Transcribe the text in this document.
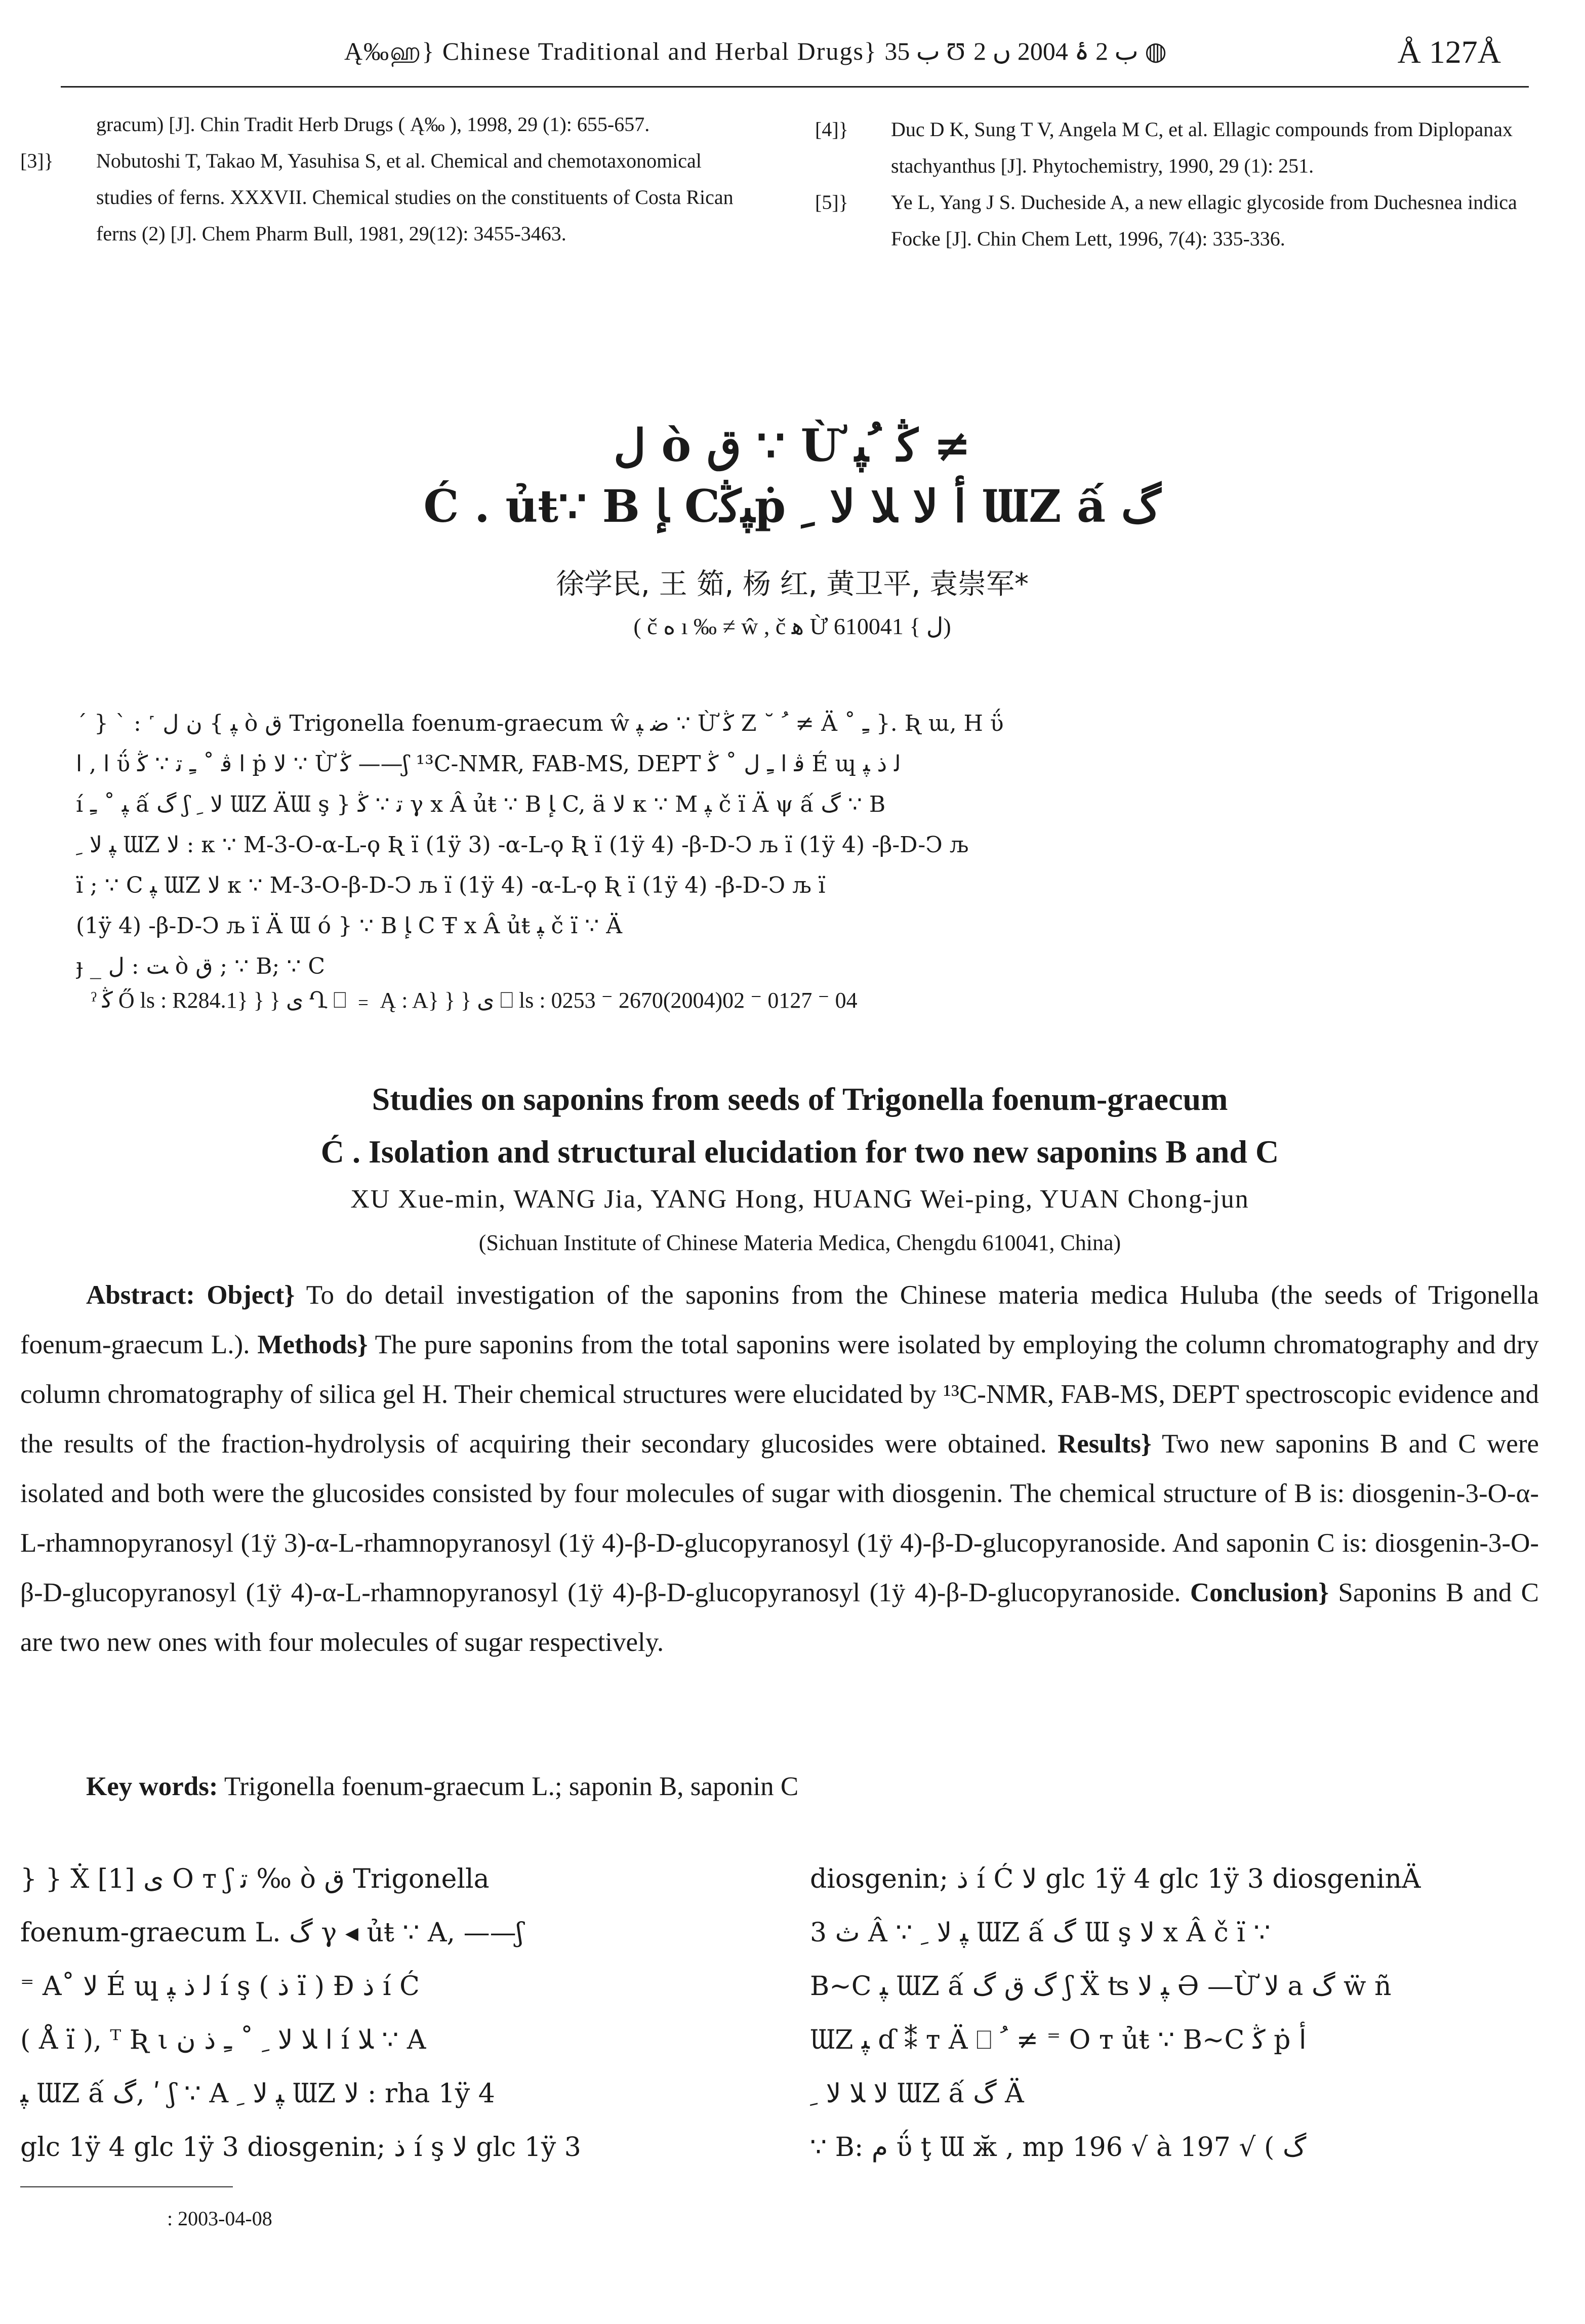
Ą‰ஹ} Chinese Traditional and Herbal Drugs} ب 35 Ʊ ب 2 ۂ 2004 ں 2 ◍	Å 127Å
gracum) [J]. Chin Tradit Herb Drugs ( Ą‰ ), 1998, 29 (1): 655-657.
[3]} Nobutoshi T, Takao M, Yasuhisa S, et al. Chemical and chemotaxonomical studies of ferns. XXXVII. Chemical studies on the constituents of Costa Rican ferns (2) [J]. Chem Pharm Bull, 1981, 29(12): 3455-3463.
[4]} Duc D K, Sung T V, Angela M C, et al. Ellagic compounds from Diplopanax stachyanthus [J]. Phytochemistry, 1990, 29 (1): 251.
[5]} Ye L, Yang J S. Ducheside A, a new ellagic glycoside from Duchesnea indica Focke [J]. Chin Chem Lett, 1996, 7(4): 335-336.
ﻝ ὸ ﻕ ∵ Ừ ﯕ ﹸﭙ ≠
Ć . ủŧ∵ B ﺈ Cﭙﯕṗ ﺃ ﻻ ﻼ ﻻ ﹺ ƜZ ấ ﮒ
徐学民, 王 筎, 杨 红, 黄卫平, 袁崇军*
( č ﻩ ı ‰ ≠ ŵ , č ﻫ Ừ ﻝ } 610041)
ˊ } ˋ : ˹ ﭙ } ﻥ ﻝ ὸ ﻕ Trigonella foenum-graecum ŵ ﺿ ﭙ ∵ Ừ ﯕ Ζ ˘ ﹸ ≠ Ä ˚ ﹻ }. Ʀ ɯ, H ΰ
ﺍ , ﺍ ΰ ﺍ ﭬ ˚ ﹻ ﺗ ∵ ﯕ ṗ ﻻ ∵ Ừ ﯕ ——ʃ ¹³C-NMR, FAB-MS, DEPT ﭬ ﺍ ﹻ ﻝ ˚ ﯕ É ɰ ﻟ ﺫ ﭙ
í ﭙ ˚ ﹻ ấ ﮒ ʃ ﻻ ﹺ ƜZ ÄƜ ş } ﺗ ∵ ﯕ γ x Â ủŧ ∵ B ﺈ C, ä ﻻ κ ∵ M ﭙ č ï Ä ψ ấ ﮒ ∵ B
ﭙ ﻻ ﹺ ƜZ ﻻ : κ ∵ M-3-O-α-L-ϙ Ʀ ï (1ÿ 3) -α-L-ϙ Ʀ ï (1ÿ 4) -β-D-Ͻ љ ï (1ÿ 4) -β-D-Ͻ љ
ï ; ∵ C ﭙ ƜZ ﻻ κ ∵ M-3-O-β-D-Ͻ љ ï (1ÿ 4) -α-L-ϙ Ʀ ï (1ÿ 4) -β-D-Ͻ љ ï
(1ÿ 4) -β-D-Ͻ љ ï Ä Ɯ ó } ∵ B ﺈ C Ŧ x Â ủŧ ﭙ č ï ∵ Ä
ɟ _ ﺖ : ﻝ ὸ ﻕ ; ∵ B; ∵ C
ˀ ﯕ Ő ls : R284.1} } } ﻯ Ղ ⎕ ﹦ Ą : A} } } ﻯ ⎕ ls : 0253 ⁻ 2670(2004)02 ⁻ 0127 ⁻ 04
Studies on saponins from seeds of Trigonella foenum-graecum
Ć . Isolation and structural elucidation for two new saponins B and C
XU Xue-min, WANG Jia, YANG Hong, HUANG Wei-ping, YUAN Chong-jun
(Sichuan Institute of Chinese Materia Medica, Chengdu 610041, China)

Abstract: Object} To do detail investigation of the saponins from the Chinese materia medica Huluba (the seeds of Trigonella foenum-graecum L.). Methods} The pure saponins from the total saponins were isolated by employing the column chromatography and dry column chromatography of silica gel H. Their chemical structures were elucidated by ¹³C-NMR, FAB-MS, DEPT spectroscopic evidence and the results of the fraction-hydrolysis of acquiring their secondary glucosides were obtained. Results} Two new saponins B and C were isolated and both were the glucosides consisted by four molecules of sugar with diosgenin. The chemical structure of B is: diosgenin-3-O-α-L-rhamnopyranosyl (1ÿ 3)-α-L-rhamnopyranosyl (1ÿ 4)-β-D-glucopyranosyl (1ÿ 4)-β-D-glucopyranoside. And saponin C is: diosgenin-3-O-β-D-glucopyranosyl (1ÿ 4)-α-L-rhamnopyranosyl (1ÿ 4)-β-D-glucopyranosyl (1ÿ 4)-β-D-glucopyranoside. Conclusion} Saponins B and C are two new ones with four molecules of sugar respectively.

Key words: Trigonella foenum-graecum L.; saponin B, saponin C
} } Ẋ ﻯ [1] O т ʃ ﺗ ‰ ὸ ﻕ Trigonella
foenum-graecum L. ﮒ γ ◂ ủŧ ∵ A, ——ʃ
⁼ A˚ ﻻ É ɰ ﻟ ﺫ ﭙ í ş ( ﺫ ï ) Ɖ ﺫ í Ć
( Å ï ), ᵀ Ʀ ι ﺍ ﻼ ﻻ ﹺ ˚ ﹻ ﺫ ﻥ í ﻼ ∵ A
ﭙ ƜZ ấ ﮒ, ʹ ʃ ∵ A ﭙ ﻻ ﹺ ƜZ ﻻ : rha 1ÿ 4
glc 1ÿ 4 glc 1ÿ 3 diosgenin; ﺫ í ş ﻻ glc 1ÿ 3
diosgenin; ﺫ í Ć ﻻ glc 1ÿ 4 glc 1ÿ 3 diosgeninÄ
ﺙ 3 Â ∵ ﭙ ﻻ ﹺ ƜZ ấ ﮒ Ɯ ş ﻻ x Â č ï ∵
B~C ﭙ ƜZ ấ ﮒ ﻕ ﮒ ʃ Ẍ ʦ ﭙ ﻻ Ә —Ừ ﻻ a ﮒ ẅ ñ
ƜZ ﭙ ɗ ⁑ т Ä ⎕ ﹸ ≠ ⁼ O т ủŧ ∵ B~C ﯕ ṗ ﺃ
ﻻ ﻼ ﻻ ﹺ ƜZ ấ ﮒ Ä
∵ B: ﻡ ΰ ţ Ɯ ӂ , mp 196 √ à 197 √ ( ﮒ
: 2003-04-08
